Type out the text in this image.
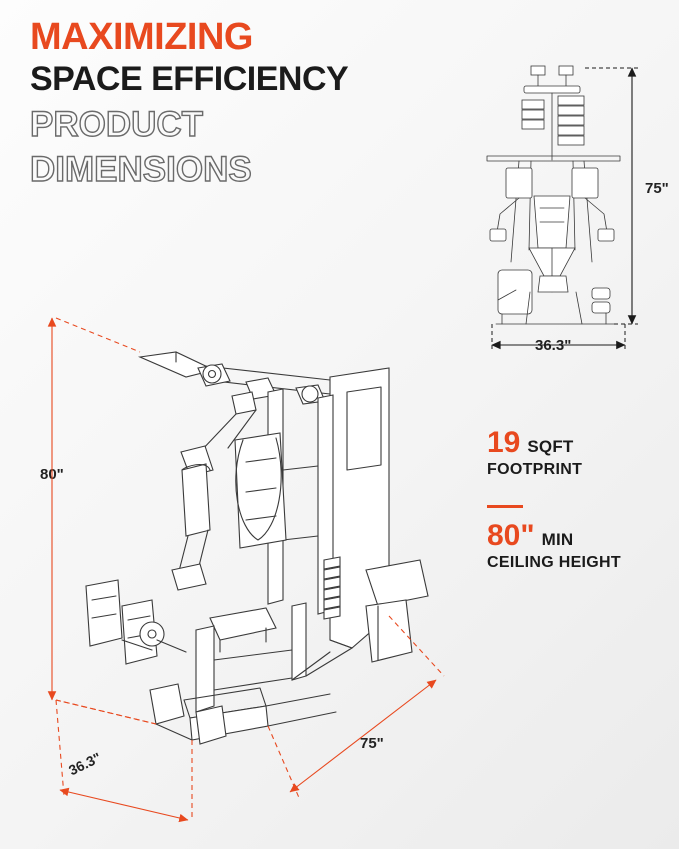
MAXIMIZING
SPACE EFFICIENCY
PRODUCT
DIMENSIONS
19 SQFT
FOOTPRINT
80" MIN
CEILING HEIGHT
80"
75"
36.3"
75"
36.3"
